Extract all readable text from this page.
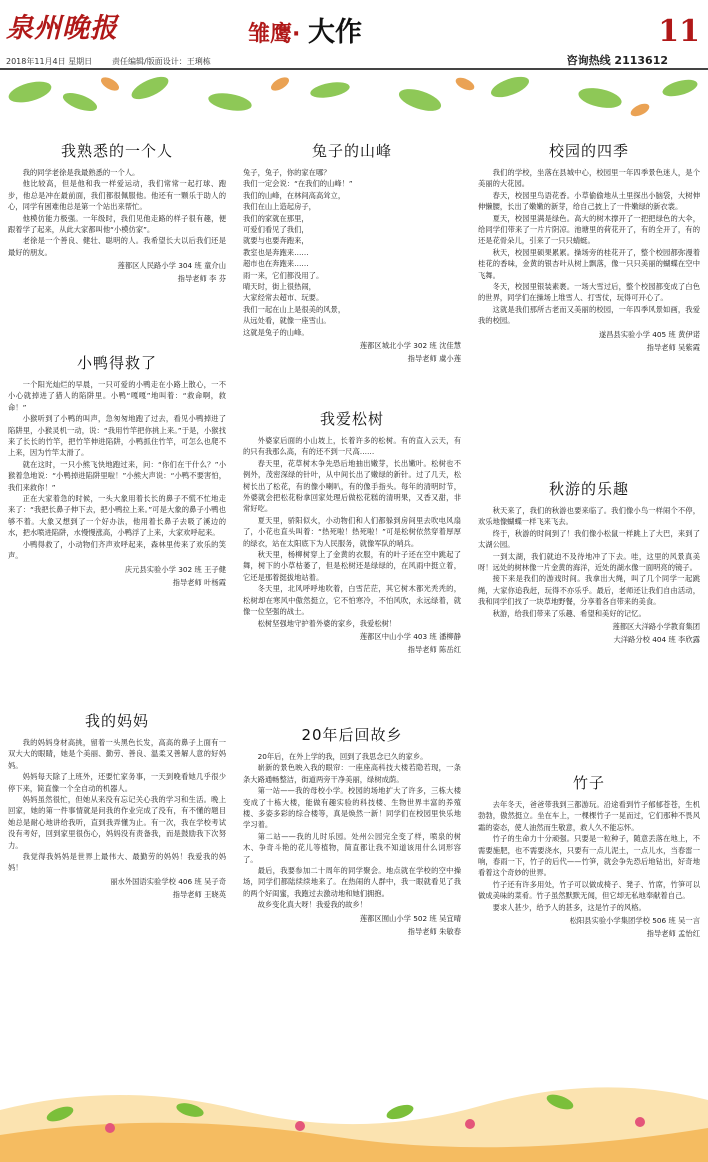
泉州晚报	雏鹰· 大作	11
2018年11月4日 星期日 责任编辑/版面设计：王琍栋	咨询热线 2113612
我熟悉的一个人

我的同学老徐是我最熟悉的一个人。

他比较高，但是他和我一样爱运动，我们常常一起打球、跑步，他总是冲在最前面，我们都很佩服他。他还有一颗乐于助人的心，同学有困难他总是第一个站出来帮忙。

他模仿能力极强。一年级时，我们见他走路的样子很有趣，便跟着学了起来，从此大家都叫他“小模仿家”。

老徐是一个善良、健壮、聪明的人。我希望长大以后我们还是最好的朋友。

莲都区人民路小学 304 班 童介山
指导老师 李 芬
小鸭得救了

一个阳光灿烂的早晨，一只可爱的小鸭走在小路上散心，一不小心就掉进了猎人的陷阱里。小鸭“嘎嘎”地叫着：“救命啊，救命！”

小猴听到了小鸭的叫声，急匆匆地跑了过去，看见小鸭掉进了陷阱里，小猴灵机一动，说：“我用竹竿把你挑上来。”于是，小猴找来了长长的竹竿，把竹竿伸进陷阱，小鸭抓住竹竿，可怎么也爬不上来，因为竹竿太滑了。

就在这时，一只小熊飞快地跑过来，问：“你们在干什么？”小猴着急地说：“小鸭掉进陷阱里啦！”小熊大声说：“小鸭不要害怕，我们来救你！”

正在大家着急的时候，一头大象用着长长的鼻子不慌不忙地走来了：“我把长鼻子伸下去，把小鸭拉上来。”可是大象的鼻子小鸭也够不着。大象又想到了一个好办法，他用着长鼻子去吸了溪边的水，把水喷进陷阱，水慢慢涨高，小鸭浮了上来，大家欢呼起来。

小鸭得救了，小动物们齐声欢呼起来，森林里传来了欢乐的笑声。

庆元县实验小学 302 班 王子健
指导老师 叶杨霞
我的妈妈

我的妈妈身材高挑，留着一头黑色长发，高高的鼻子上面有一双大大的眼睛，她是个美丽、勤劳、善良、温柔又善解人意的好妈妈。

妈妈每天除了上班外，还要忙家务事，一天到晚看她几乎很少停下来，简直像一个全自动的机器人。

妈妈虽然很忙，但她从来没有忘记关心我的学习和生活。晚上回家，她的第一件事情就是问我的作业完成了没有，有不懂的题目她总是耐心地讲给我听，直到我弄懂为止。有一次，我在学校考试没有考好，回到家里很伤心，妈妈没有责备我，而是鼓励我下次努力。

我觉得我妈妈是世界上最伟大、最勤劳的妈妈！我爱我的妈妈！

丽水外国语实验学校 406 班 吴子奇
指导老师 王晓英
兔子的山峰

兔子，兔子，你的家在哪？

我们一定会说：“在我们的山峰！”

我们的山峰，在林间高高耸立，

我们在山上造起房子，

我们的家就在那里，

可爱们看见了我们，

就要与也要奔跑来，

教室也是奔跑来……

超市也在奔跑来……

雨一来，它们都没用了。

晴天时，街上很热闹，

大家经常去超市、玩要。

我们一起在山上是很美的风景，

从远处看，就像一座雪山。

这就是兔子的山峰。

莲都区城北小学 302 班 沈佳慧
指导老师 虞小莲
我爱松树

外婆家后面的小山坡上，长着许多的松树。有的直入云天，有的只有我那么高，有的还不到一尺高……

春天里，花草树木争先恐后地抽出嫩芽，长出嫩叶。松树也不例外，茂密深绿的针叶，从中间长出了嫩绿的新针。过了几天，松树长出了松花，有的像小喇叭，有的像手指头。每年的清明时节，外婆就会把松花粉拿回家处理后做松花糕的清明果，又香又甜，非常好吃。

夏天里，骄阳似火，小动物们和人们都躲到房间里去吹电风扇了，小花也直头叫着：“热死啦！热死啦！”可是松树依然穿着厚厚的绿衣，站在太阳底下为人民服务，就像军队的哨兵。

秋天里，杨柳树穿上了金黄的衣服，有的叶子还在空中跳起了舞，树下的小草枯萎了，但是松树还是绿绿的，在风雨中挺立着，它还是那着挺拔地站着。

冬天里，北风呼呼地吹着，白雪茫茫，其它树木都光秃秃的，松树却在寒风中傲然挺立，它不怕寒冷，不怕风吹，永远绿着，就像一位坚强的战士。

松树坚强地守护着外婆的家乡，我爱松树！

莲都区中山小学 403 班 潘柳静
指导老师 陈岳红
20年后回故乡

20年后，在外上学的我，回到了我思念已久的家乡。

崭新的景色映入我的眼帘：一座座高科技大楼若隐若现，一条条大路通畅整洁，街道两旁干净美丽，绿树成荫。

第一站——我的母校小学。校园的场地扩大了许多，三栋大楼变成了十栋大楼，能做有趣实验的科技楼、生物世界丰富的养殖楼、多姿多彩的综合楼等，真是焕然一新！同学们在校园里快乐地学习着。

第二站——我的儿时乐园。处州公园完全变了样，喷泉的树木、争奇斗艳的花儿等植物，简直都让我不知道该用什么词形容了。

最后，我要参加二十周年的同学聚会。地点就在学校的空中操场，同学们都陆续续地来了。在热闹的人群中，我一眼就看见了我的两个好闺蜜，我跑过去激动地和她们拥抱。

故乡变化真大呀！我爱我的故乡！

莲都区囿山小学 502 班 吴宜晴
指导老师 朱敏春
校园的四季

我们的学校，坐落在县城中心，校园里一年四季景色迷人，是个美丽的大花园。

春天，校园里鸟语花香。小草偷偷地从土里探出小脑袋，大树伸伸懒腰，长出了嫩嫩的新芽，给自己披上了一件嫩绿的新衣裳。

夏天，校园里满是绿色。高大的树木撑开了一把把绿色的大伞，给同学们带来了一片片阴凉。池塘里的荷花开了，有的全开了，有的还是花骨朵儿，引来了一只只蜻蜓。

秋天，校园里硕果累累。操场旁的桂花开了，整个校园都弥漫着桂花的香味，金黄的银杏叶从树上飘落，像一只只美丽的蝴蝶在空中飞舞。

冬天，校园里银装素裹。一场大雪过后，整个校园都变成了白色的世界，同学们在操场上堆雪人、打雪仗，玩得可开心了。

这就是我们那所古老而又美丽的校园，一年四季风景如画，我爱我的校园。

遂昌县实验小学 405 班 黄伊诺
指导老师 吴紫霞
秋游的乐趣

秋天来了，我们的秋游也要来临了。我们像小鸟一样闹个不停，欢乐地像蝴蝶一样飞来飞去。

终于，秋游的时间到了！我们像小松鼠一样跳上了大巴，来到了太湖公园。

一到太湖，我们就迫不及待地冲了下去。哇，这里的风景真美呀！远处的树林像一片金黄的海洋，近处的湖水像一面明亮的镜子。

接下来是我们的游戏时间。我拿出大绳，叫了几个同学一起跳绳，大家你追我赶，玩得不亦乐乎。最后，老师还让我们自由活动，我和同学们找了一块草地野餐，分享着各自带来的美食。

秋游，给我们带来了乐趣、希望和美好的记忆。

莲都区大洋路小学教育集团
大洋路分校 404 班 李欣露
竹子

去年冬天，爸爸带我到三都游玩。沿途看到竹子郁郁苍苍，生机勃勃，傲然挺立。坐在车上，一棵棵竹子一晃而过，它们那种不畏风霜的姿态，使人油然而生敬意，救人久不能忘怀。

竹子的生命力十分顽强。只要是一粒种子，随意丢落在地上，不需要施肥，也不需要浇水，只要有一点儿泥土，一点儿水，当春雷一响，春雨一下，竹子的后代——竹笋，就会争先恐后地钻出，好奇地看着这个奇妙的世界。

竹子还有许多用处，竹子可以做成椅子、凳子、竹席，竹笋可以做成美味的菜肴。竹子虽然默默无闻，但它却无私地奉献着自己。

要求人甚少，给予人的甚多，这是竹子的风格。

松阳县实验小学集团学校 506 班 吴一言
指导老师 孟怡红
